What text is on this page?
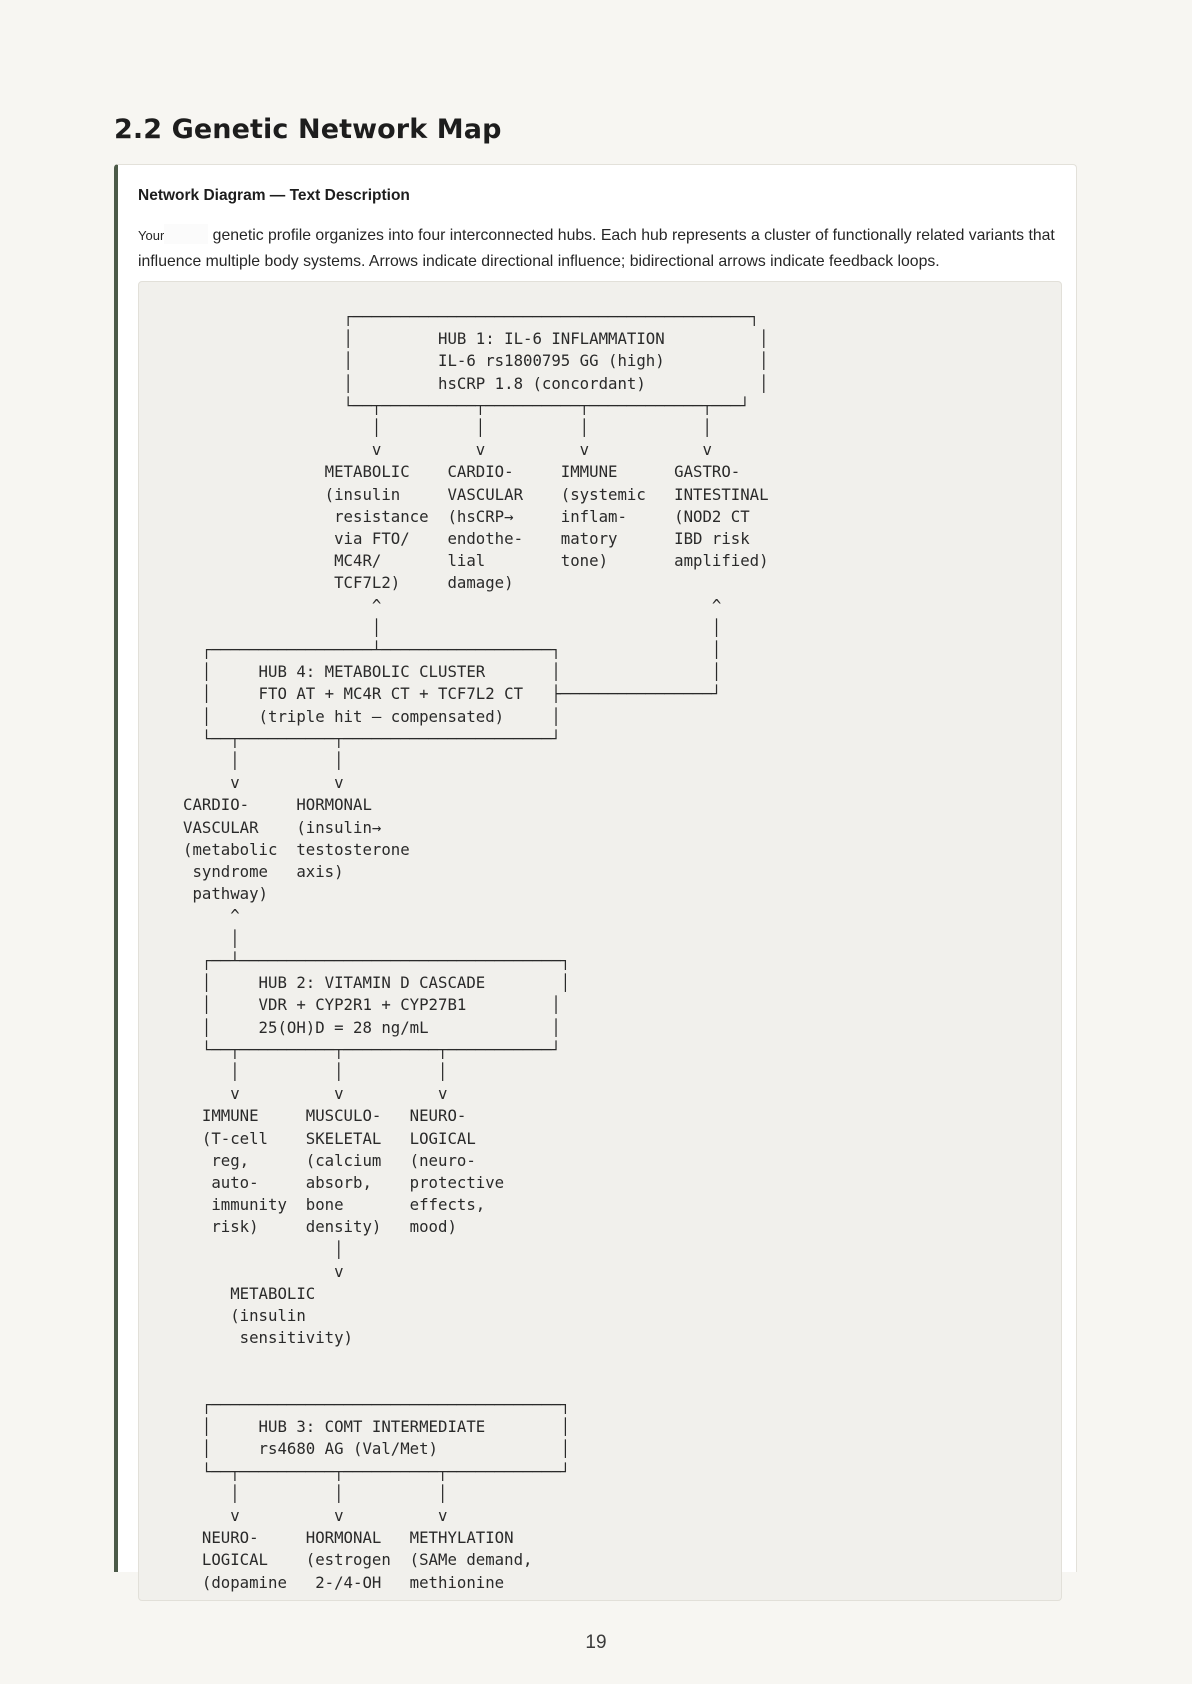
2.2 Genetic Network Map
Network Diagram — Text Description

Your	genetic profile organizes into four interconnected hubs. Each hub represents a cluster of functionally related variants that influence multiple body systems. Arrows indicate directional influence; bidirectional arrows indicate feedback loops.

┌──────────────────────────────────────────┐
│         HUB 1: IL-6 INFLAMMATION          │
│         IL-6 rs1800795 GG (high)          │
│         hsCRP 1.8 (concordant)            │
└──┬──────────┬──────────┬────────────┬───┘
│          │          │            │
v          v          v            v
METABOLIC    CARDIO-     IMMUNE      GASTRO-
(insulin     VASCULAR    (systemic   INTESTINAL
resistance  (hsCRP→     inflam-     (NOD2 CT
via FTO/    endothe-    matory      IBD risk
MC4R/       lial        tone)       amplified)
TCF7L2)     damage)
^                                   ^
│                                   │
┌─────────────────┴──────────────────┐                │
│     HUB 4: METABOLIC CLUSTER       │                │
│     FTO AT + MC4R CT + TCF7L2 CT   ├────────────────┘
│     (triple hit — compensated)     │
└──┬──────────┬──────────────────────┘
│          │
v          v
CARDIO-     HORMONAL
VASCULAR    (insulin→
(metabolic  testosterone
syndrome   axis)
pathway)
^
│
┌──┴──────────────────────────────────┐
│     HUB 2: VITAMIN D CASCADE        │
│     VDR + CYP2R1 + CYP27B1         │
│     25(OH)D = 28 ng/mL             │
└──┬──────────┬──────────┬───────────┘
│          │          │
v          v          v
IMMUNE     MUSCULO-   NEURO-
(T-cell    SKELETAL   LOGICAL
reg,      (calcium   (neuro-
auto-     absorb,    protective
immunity  bone       effects,
risk)     density)   mood)
│
v
METABOLIC
(insulin
sensitivity)

┌─────────────────────────────────────┐
│     HUB 3: COMT INTERMEDIATE        │
│     rs4680 AG (Val/Met)             │
└──┬──────────┬──────────┬────────────┘
│          │          │
v          v          v
NEURO-     HORMONAL   METHYLATION
LOGICAL    (estrogen  (SAMe demand,
(dopamine   2-/4-OH   methionine
19
